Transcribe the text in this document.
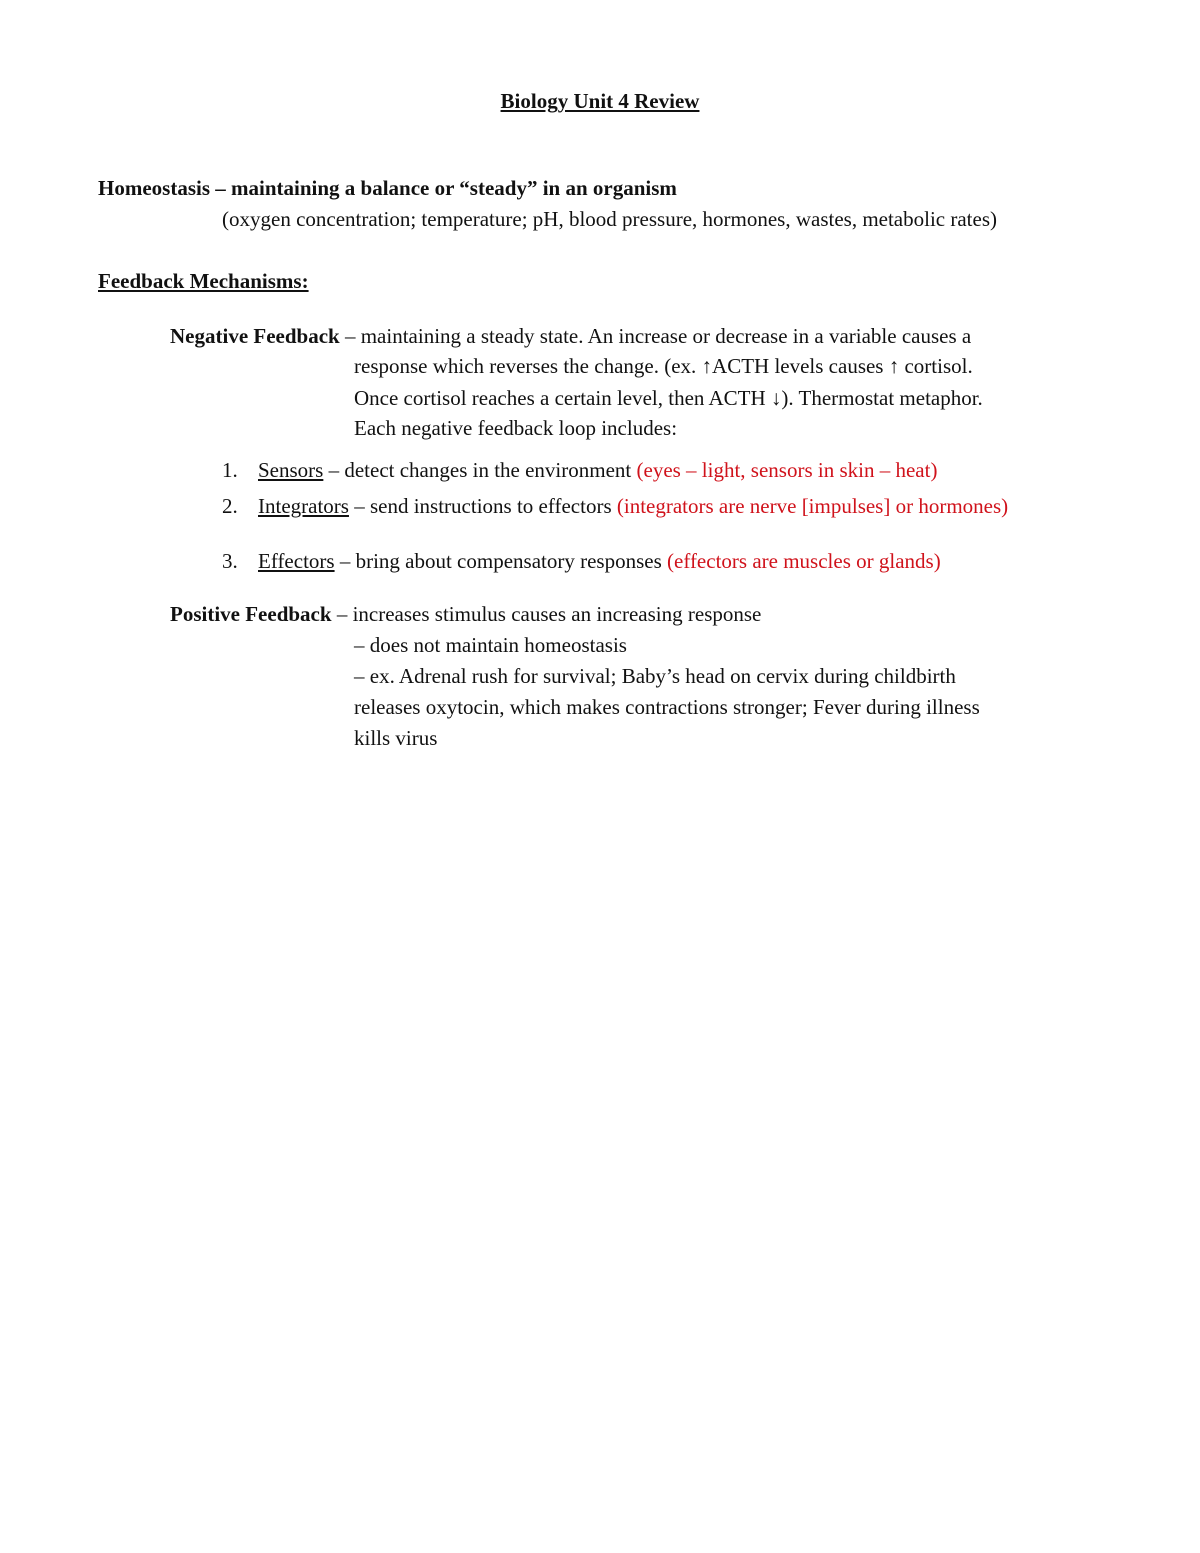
Biology Unit 4 Review
Homeostasis – maintaining a balance or “steady” in an organism
(oxygen concentration; temperature; pH, blood pressure, hormones, wastes, metabolic rates)
Feedback Mechanisms:
Negative Feedback – maintaining a steady state. An increase or decrease in a variable causes a
response which reverses the change. (ex. ↑ACTH levels causes ↑ cortisol.
Once cortisol reaches a certain level, then ACTH ↓). Thermostat metaphor.
Each negative feedback loop includes:
1. Sensors – detect changes in the environment (eyes – light, sensors in skin – heat)
2. Integrators – send instructions to effectors (integrators are nerve [impulses] or hormones)
3. Effectors – bring about compensatory responses (effectors are muscles or glands)
Positive Feedback – increases stimulus causes an increasing response
– does not maintain homeostasis
– ex. Adrenal rush for survival; Baby’s head on cervix during childbirth
releases oxytocin, which makes contractions stronger; Fever during illness
kills virus
